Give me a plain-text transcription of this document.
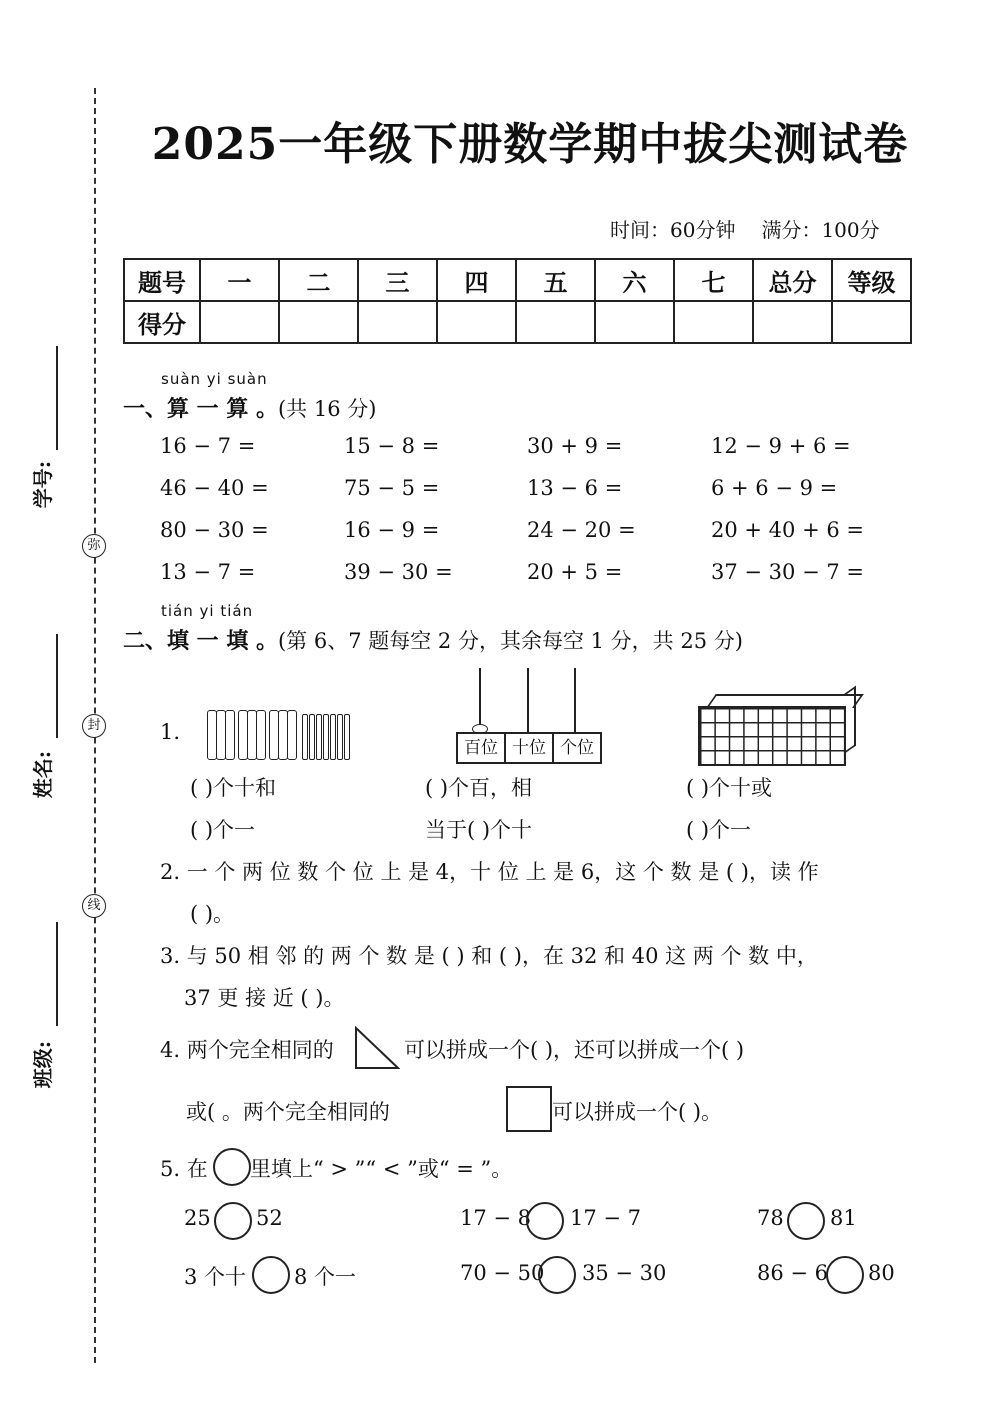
弥
封
线
学号:
姓名:
班级:
2025一年级下册数学期中拔尖测试卷
时间：60分钟 满分：100分
题号	一	二	三	四	五	六	七	总分	等级
得分									
suàn yi suàn
一、算 一 算 。(共 16 分)
16 − 7 =	15 − 8 =	30 + 9 =	12 − 9 + 6 =
46 − 40 =	75 − 5 =	13 − 6 =	6 + 6 − 9 =
80 − 30 =	16 − 9 =	24 − 20 =	20 + 40 + 6 =
13 − 7 =	39 − 30 =	20 + 5 =	37 − 30 − 7 =
tián yi tián
二、填 一 填 。(第 6、7 题每空 2 分，其余每空 1 分，共 25 分)
1.
百位 十位 个位
( )个十和
( )个一
( )个百，相
当于( )个十
( )个十或
( )个一
2. 一 个 两 位 数 个 位 上 是 4，十 位 上 是 6，这 个 数 是 ( )，读 作
( )。
3. 与 50 相 邻 的 两 个 数 是 ( ) 和 ( )，在 32 和 40 这 两 个 数 中，
37 更 接 近 ( )。
4. 两个完全相同的	可以拼成一个( )，还可以拼成一个( )
或( 。两个完全相同的	可以拼成一个( )。
5. 在 里填上“ > ”“ < ”或“ = ”。
25 52	17 − 8 17 − 7	78 81
3 个十 8 个一	70 − 50 35 − 30	86 − 6 80
